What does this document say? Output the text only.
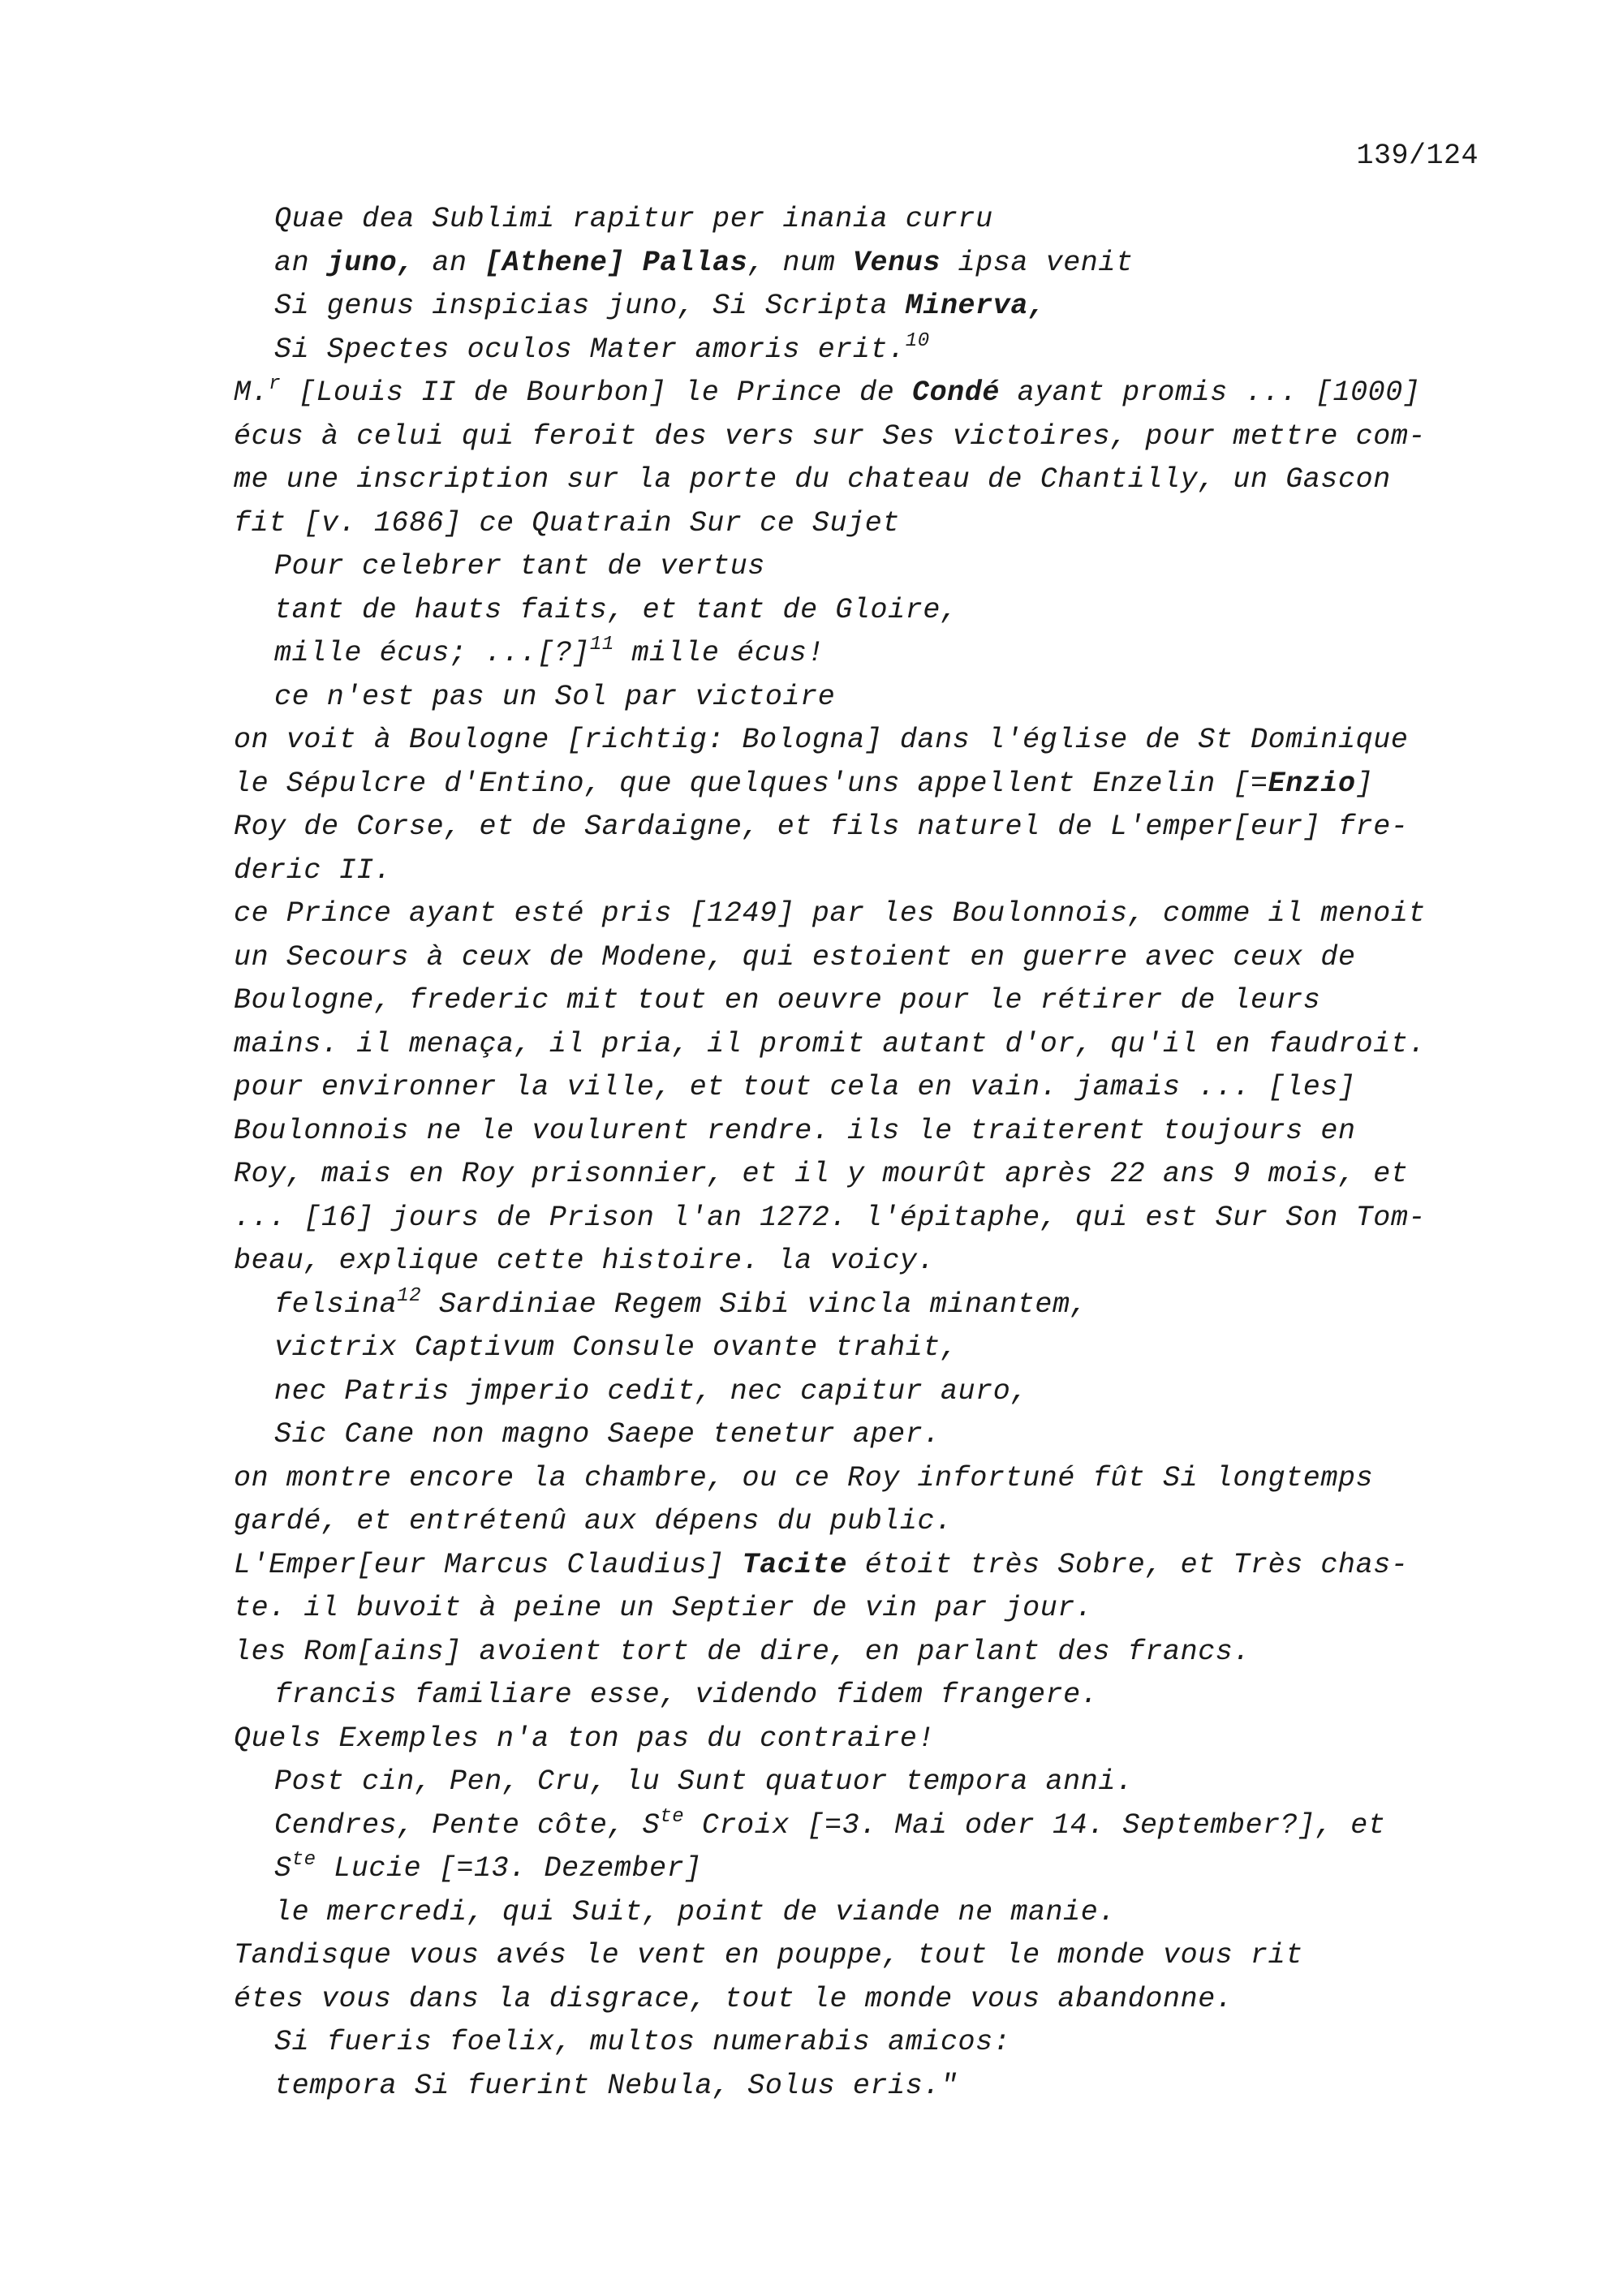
139/124
Quae dea Sublimi rapitur per inania curru
an juno, an [Athene] Pallas, num Venus ipsa venit
Si genus inspicias juno, Si Scripta Minerva,
Si Spectes oculos Mater amoris erit.$^{10}$
M.$^r$ [Louis II de Bourbon] le Prince de Condé ayant promis ... [1000]
écus à celui qui feroit des vers sur Ses victoires, pour mettre com-
me une inscription sur la porte du chateau de Chantilly, un Gascon
fit [v. 1686] ce Quatrain Sur ce Sujet
Pour celebrer tant de vertus
tant de hauts faits, et tant de Gloire,
mille écus; ...[?]$^{11}$ mille écus!
ce n'est pas un Sol par victoire
on voit à Boulogne [richtig: Bologna] dans l'église de St Dominique
le Sépulcre d'Entino, que quelques'uns appellent Enzelin [=Enzio]
Roy de Corse, et de Sardaigne, et fils naturel de L'emper[eur] fre-
deric II.
ce Prince ayant esté pris [1249] par les Boulonnois, comme il menoit
un Secours à ceux de Modene, qui estoient en guerre avec ceux de
Boulogne, frederic mit tout en oeuvre pour le rétirer de leurs
mains. il menaça, il pria, il promit autant d'or, qu'il en faudroit.
pour environner la ville, et tout cela en vain. jamais ... [les]
Boulonnois ne le voulurent rendre. ils le traiterent toujours en
Roy, mais en Roy prisonnier, et il y mourût après 22 ans 9 mois, et
... [16] jours de Prison l'an 1272. l'épitaphe, qui est Sur Son Tom-
beau, explique cette histoire. la voicy.
felsina$^{12}$ Sardiniae Regem Sibi vincla minantem,
victrix Captivum Consule ovante trahit,
nec Patris jmperio cedit, nec capitur auro,
Sic Cane non magno Saepe tenetur aper.
on montre encore la chambre, ou ce Roy infortuné fût Si longtemps
gardé, et entrétenû aux dépens du public.
L'Emper[eur Marcus Claudius] Tacite étoit très Sobre, et Très chas-
te. il buvoit à peine un Septier de vin par jour.
les Rom[ains] avoient tort de dire, en parlant des francs.
francis familiare esse, videndo fidem frangere.
Quels Exemples n'a ton pas du contraire!
Post cin, Pen, Cru, lu Sunt quatuor tempora anni.
Cendres, Pente côte, $S^{te}$ Croix [=3. Mai oder 14. September?], et
$S^{te}$ Lucie [=13. Dezember]
le mercredi, qui Suit, point de viande ne manie.
Tandisque vous avés le vent en pouppe, tout le monde vous rit
étes vous dans la disgrace, tout le monde vous abandonne.
Si fueris foelix, multos numerabis amicos:
tempora Si fuerint Nebula, Solus eris."
